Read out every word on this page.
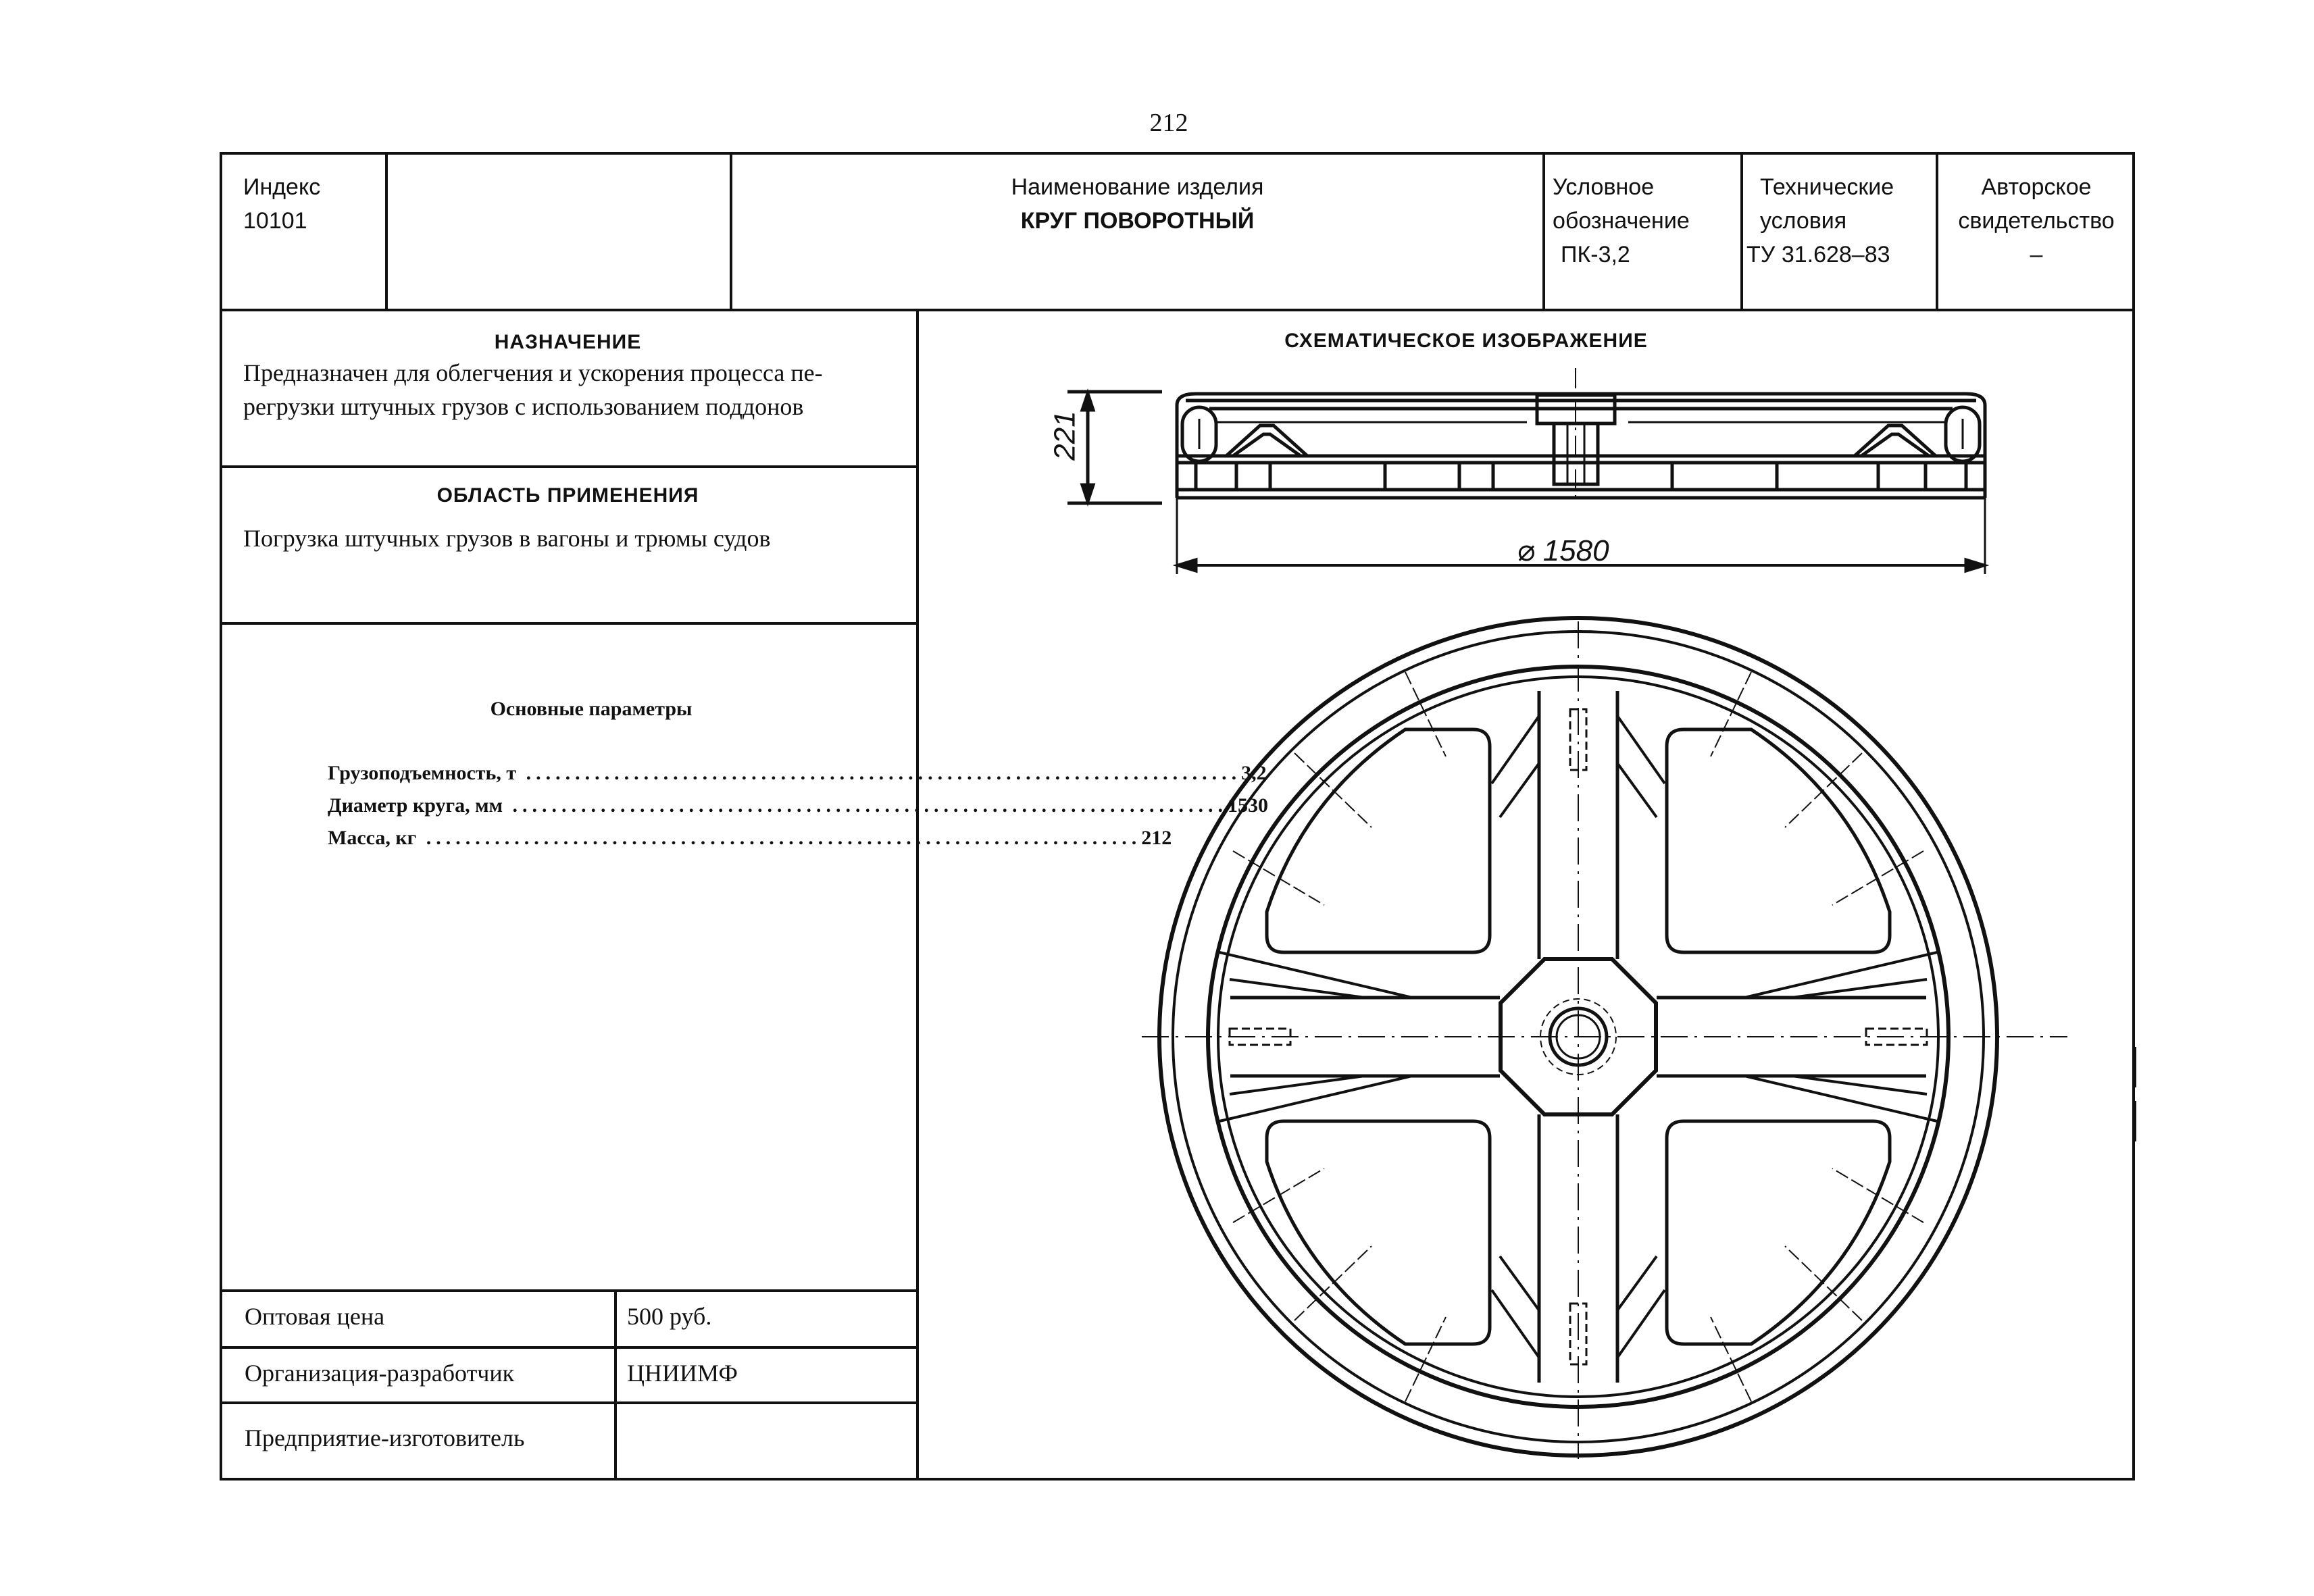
212
Индекс
10101
Наименование изделия
КРУГ ПОВОРОТНЫЙ
Условное
обозначение
ПК-3,2
Технические
условия
ТУ 31.628–83
Авторское
свидетельство
–
НАЗНАЧЕНИЕ
Предназначен для облегчения и ускорения процесса пе-
регрузки штучных грузов с использованием поддонов
ОБЛАСТЬ ПРИМЕНЕНИЯ
Погрузка штучных грузов в вагоны и трюмы судов
Основные параметры
Грузоподъемность, т ......................................................................... 3,2
Диаметр круга, мм ......................................................................... 1530
Масса, кг ......................................................................... 212
Оптовая цена	500 руб.
Организация-разработчик	ЦНИИМФ
Предприятие-изготовитель
СХЕМАТИЧЕСКОЕ ИЗОБРАЖЕНИЕ
221
⌀ 1580
